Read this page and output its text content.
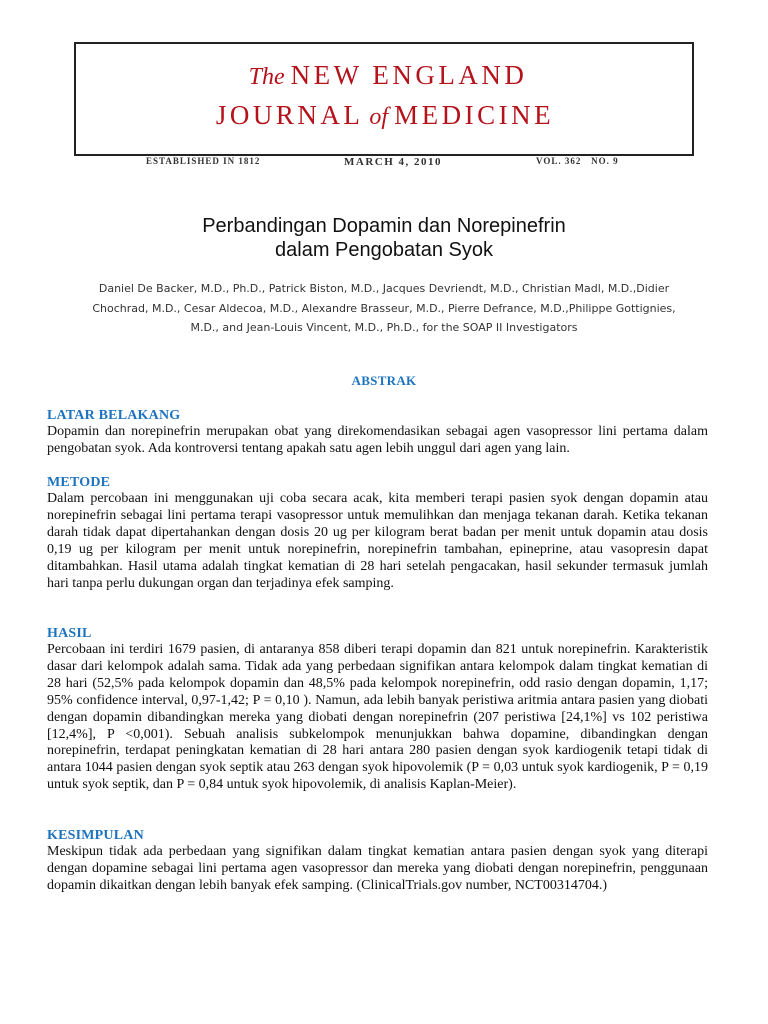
The NEW ENGLAND
JOURNAL of MEDICINE
ESTABLISHED IN 1812	MARCH 4, 2010	VOL. 362   NO. 9
Perbandingan Dopamin dan Norepinefrin
dalam Pengobatan Syok
Daniel De Backer, M.D., Ph.D., Patrick Biston, M.D., Jacques Devriendt, M.D., Christian Madl, M.D.,Didier
Chochrad, M.D., Cesar Aldecoa, M.D., Alexandre Brasseur, M.D., Pierre Defrance, M.D.,Philippe Gottignies,
M.D., and Jean-Louis Vincent, M.D., Ph.D., for the SOAP II Investigators
ABSTRAK
LATAR BELAKANG

Dopamin dan norepinefrin merupakan obat yang direkomendasikan sebagai agen vasopressor lini pertama dalam pengobatan syok. Ada kontroversi tentang apakah satu agen lebih unggul dari agen yang lain.

METODE

Dalam percobaan ini menggunakan uji coba secara acak, kita memberi terapi pasien syok dengan dopamin atau norepinefrin sebagai lini pertama terapi vasopressor untuk memulihkan dan menjaga tekanan darah. Ketika tekanan darah tidak dapat dipertahankan dengan dosis 20 ug per kilogram berat badan per menit untuk dopamin atau dosis 0,19 ug per kilogram per menit untuk norepinefrin, norepinefrin tambahan, epineprine, atau vasopresin dapat ditambahkan. Hasil utama adalah tingkat kematian di 28 hari setelah pengacakan, hasil sekunder termasuk jumlah hari tanpa perlu dukungan organ dan terjadinya efek samping.

HASIL

Percobaan ini terdiri 1679 pasien, di antaranya 858 diberi terapi dopamin dan 821 untuk norepinefrin. Karakteristik dasar dari kelompok adalah sama. Tidak ada yang perbedaan signifikan antara kelompok dalam tingkat kematian di 28 hari (52,5% pada kelompok dopamin dan 48,5% pada kelompok norepinefrin, odd rasio dengan dopamin, 1,17; 95% confidence interval, 0,97-1,42; P = 0,10 ). Namun, ada lebih banyak peristiwa aritmia antara pasien yang diobati dengan dopamin dibandingkan mereka yang diobati dengan norepinefrin (207 peristiwa [24,1%] vs 102 peristiwa [12,4%], P <0,001). Sebuah analisis subkelompok menunjukkan bahwa dopamine, dibandingkan dengan norepinefrin, terdapat peningkatan kematian di 28 hari antara 280 pasien dengan syok kardiogenik tetapi tidak di antara 1044 pasien dengan syok septik atau 263 dengan syok hipovolemik (P = 0,03 untuk syok kardiogenik, P = 0,19 untuk syok septik, dan P = 0,84 untuk syok hipovolemik, di analisis Kaplan-Meier).

KESIMPULAN

Meskipun tidak ada perbedaan yang signifikan dalam tingkat kematian antara pasien dengan syok yang diterapi dengan dopamine sebagai lini pertama agen vasopressor dan mereka yang diobati dengan norepinefrin, penggunaan dopamin dikaitkan dengan lebih banyak efek samping. (ClinicalTrials.gov number, NCT00314704.)
